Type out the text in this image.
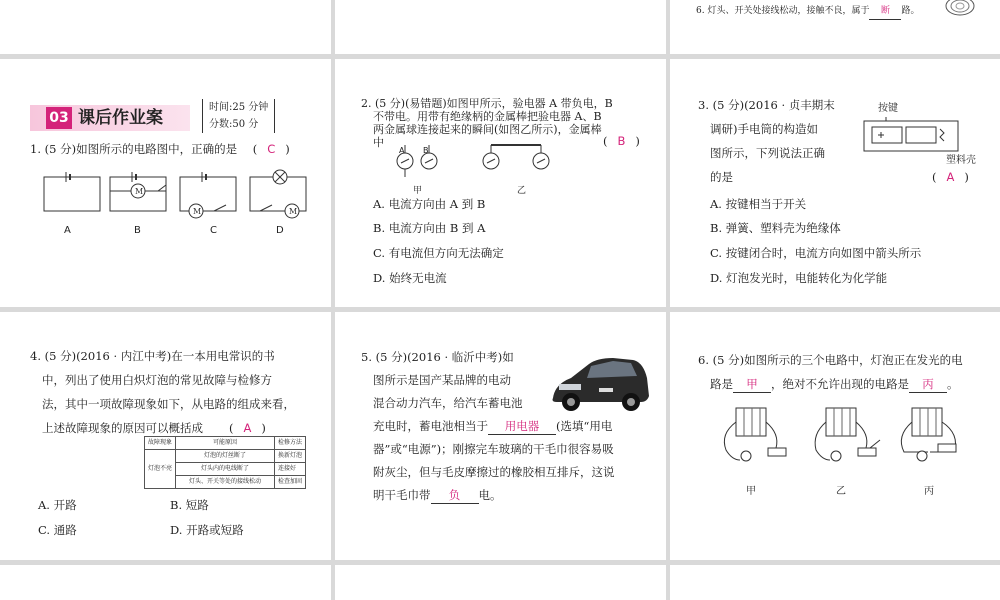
6. 灯头、开关处接线松动，接触不良，属于 断 路。
03 课后作业案
时间:25 分钟
分数:50 分
1. (5 分)如图所示的电路图中，正确的是 ( C )
M
M	M
A	B	C	D
2. (5 分)(易错题)如图甲所示，验电器 A 带负电，B
不带电。用带有绝缘柄的金属棒把验电器 A、B
两金属球连接起来的瞬间(如图乙所示)，金属棒
中	( B )
A B
甲	乙
A. 电流方向由 A 到 B
B. 电流方向由 B 到 A
C. 有电流但方向无法确定
D. 始终无电流
3. (5 分)(2016 · 贞丰期末
调研)手电筒的构造如
图所示，下列说法正确
的是	( A )
按键
塑料壳
A. 按键相当于开关
B. 弹簧、塑料壳为绝缘体
C. 按键闭合时，电流方向如图中箭头所示
D. 灯泡发光时，电能转化为化学能
4. (5 分)(2016 · 内江中考)在一本用电常识的书
中，列出了使用白炽灯泡的常见故障与检修方
法，其中一项故障现象如下，从电路的组成来看，
上述故障现象的原因可以概括成 ( A )
故障现象	可能原因	检修方法
灯泡不亮	灯泡的灯丝断了	换新灯泡
	灯头内的电线断了	连接好
	灯头、开关等处的接线松动	检查加固
A. 开路	B. 短路
C. 通路	D. 开路或短路
5. (5 分)(2016 · 临沂中考)如
图所示是国产某品牌的电动
混合动力汽车，给汽车蓄电池
充电时，蓄电池相当于 用电器 (选填“用电
器”或“电源”)；刚擦完车玻璃的干毛巾很容易吸
附灰尘，但与毛皮摩擦过的橡胶相互排斥，这说
明干毛巾带 负 电。
6. (5 分)如图所示的三个电路中，灯泡正在发光的电
路是 甲 ，绝对不允许出现的电路是 丙 。
甲	乙	丙
